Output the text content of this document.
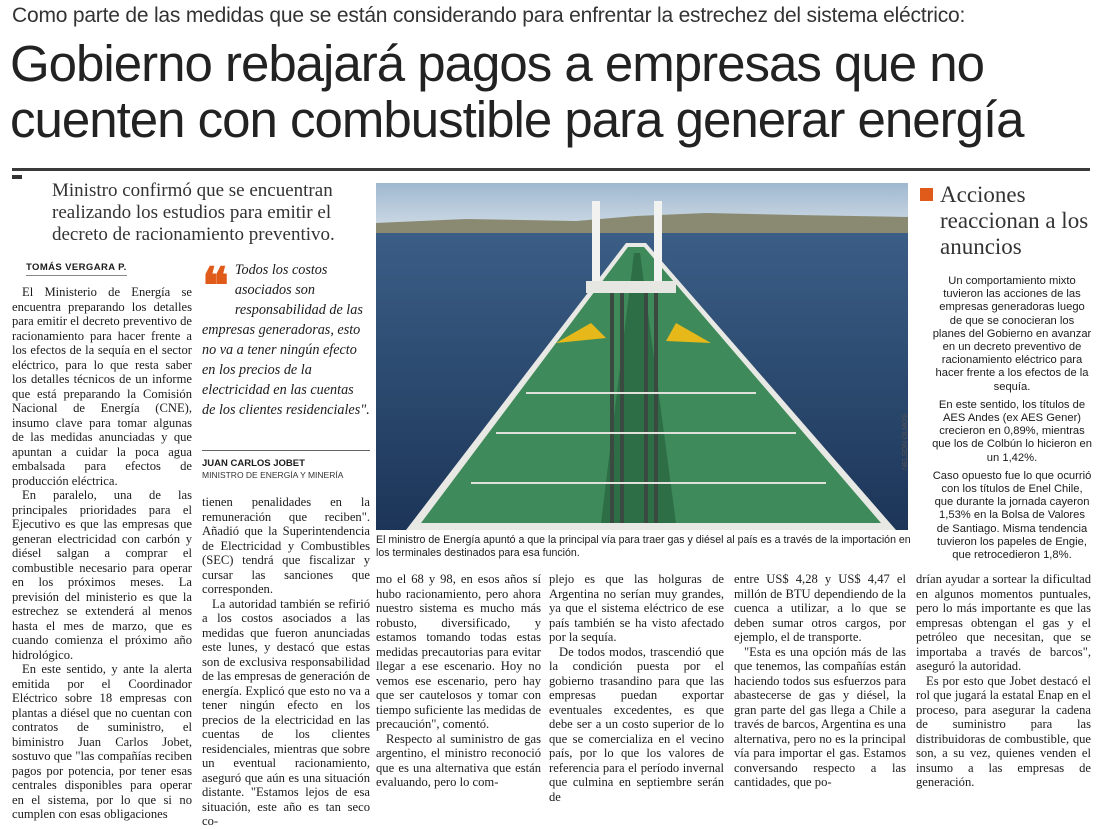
Como parte de las medidas que se están considerando para enfrentar la estrechez del sistema eléctrico:
Gobierno rebajará pagos a empresas que no
cuenten con combustible para generar energía
Ministro confirmó que se encuentran realizando los estudios para emitir el decreto de racionamiento preventivo.
TOMÁS VERGARA P.

El Ministerio de Energía se encuentra preparando los detalles para emitir el decreto preventivo de racionamiento para hacer frente a los efectos de la sequía en el sector eléctrico, para lo que resta saber los detalles técnicos de un informe que está preparando la Comisión Nacional de Energía (CNE), insumo clave para tomar algunas de las medidas anunciadas y que apuntan a cuidar la poca agua embalsada para efectos de producción eléctrica.

En paralelo, una de las principales prioridades para el Ejecutivo es que las empresas que generan electricidad con carbón y diésel salgan a comprar el combustible necesario para operar en los próximos meses. La previsión del ministerio es que la estrechez se extenderá al menos hasta el mes de marzo, que es cuando comienza el próximo año hidrológico.

En este sentido, y ante la alerta emitida por el Coordinador Eléctrico sobre 18 empresas con plantas a diésel que no cuentan con contratos de suministro, el biministro Juan Carlos Jobet, sostuvo que "las compañías reciben pagos por potencia, por tener esas centrales disponibles para operar en el sistema, por lo que si no cumplen con esas obligaciones

❝ Todos los costos asociados son responsabilidad de las empresas generadoras, esto no va a tener ningún efecto en los precios de la electricidad en las cuentas de los clientes residenciales".
JUAN CARLOS JOBET
MINISTRO DE ENERGÍA Y MINERÍA

tienen penalidades en la remuneración que reciben". Añadió que la Superintendencia de Electricidad y Combustibles (SEC) tendrá que fiscalizar y cursar las sanciones que corresponden.

La autoridad también se refirió a los costos asociados a las medidas que fueron anunciadas este lunes, y destacó que estas son de exclusiva responsabilidad de las empresas de generación de energía. Explicó que esto no va a tener ningún efecto en los precios de la electricidad en las cuentas de los clientes residenciales, mientras que sobre un eventual racionamiento, aseguró que aún es una situación distante. "Estamos lejos de esa situación, este año es tan seco co-

NELSON OLMOS
El ministro de Energía apuntó a que la principal vía para traer gas y diésel al país es a través de la importación en los terminales destinados para esa función.

mo el 68 y 98, en esos años sí hubo racionamiento, pero ahora nuestro sistema es mucho más robusto, diversificado, y estamos tomando todas estas medidas precautorias para evitar llegar a ese escenario. Hoy no vemos ese escenario, pero hay que ser cautelosos y tomar con tiempo suficiente las medidas de precaución", comentó.

Respecto al suministro de gas argentino, el ministro reconoció que es una alternativa que están evaluando, pero lo com-

plejo es que las holguras de Argentina no serían muy grandes, ya que el sistema eléctrico de ese país también se ha visto afectado por la sequía.

De todos modos, trascendió que la condición puesta por el gobierno trasandino para que las empresas puedan exportar eventuales excedentes, es que debe ser a un costo superior de lo que se comercializa en el vecino país, por lo que los valores de referencia para el período invernal que culmina en septiembre serán de

entre US$ 4,28 y US$ 4,47 el millón de BTU dependiendo de la cuenca a utilizar, a lo que se deben sumar otros cargos, por ejemplo, el de transporte.

"Esta es una opción más de las que tenemos, las compañías están haciendo todos sus esfuerzos para abastecerse de gas y diésel, la gran parte del gas llega a Chile a través de barcos, Argentina es una alternativa, pero no es la principal vía para importar el gas. Estamos conversando respecto a las cantidades, que po-

drían ayudar a sortear la dificultad en algunos momentos puntuales, pero lo más importante es que las empresas obtengan el gas y el petróleo que necesitan, que se importaba a través de barcos", aseguró la autoridad.

Es por esto que Jobet destacó el rol que jugará la estatal Enap en el proceso, para asegurar la cadena de suministro para las distribuidoras de combustible, que son, a su vez, quienes venden el insumo a las empresas de generación.

Acciones reaccionan a los anuncios

Un comportamiento mixto tuvieron las acciones de las empresas generadoras luego de que se conocieran los planes del Gobierno en avanzar en un decreto preventivo de racionamiento eléctrico para hacer frente a los efectos de la sequía.

En este sentido, los títulos de AES Andes (ex AES Gener) crecieron en 0,89%, mientras que los de Colbún lo hicieron en un 1,42%.

Caso opuesto fue lo que ocurrió con los títulos de Enel Chile, que durante la jornada cayeron 1,53% en la Bolsa de Valores de Santiago. Misma tendencia tuvieron los papeles de Engie, que retrocedieron 1,8%.
